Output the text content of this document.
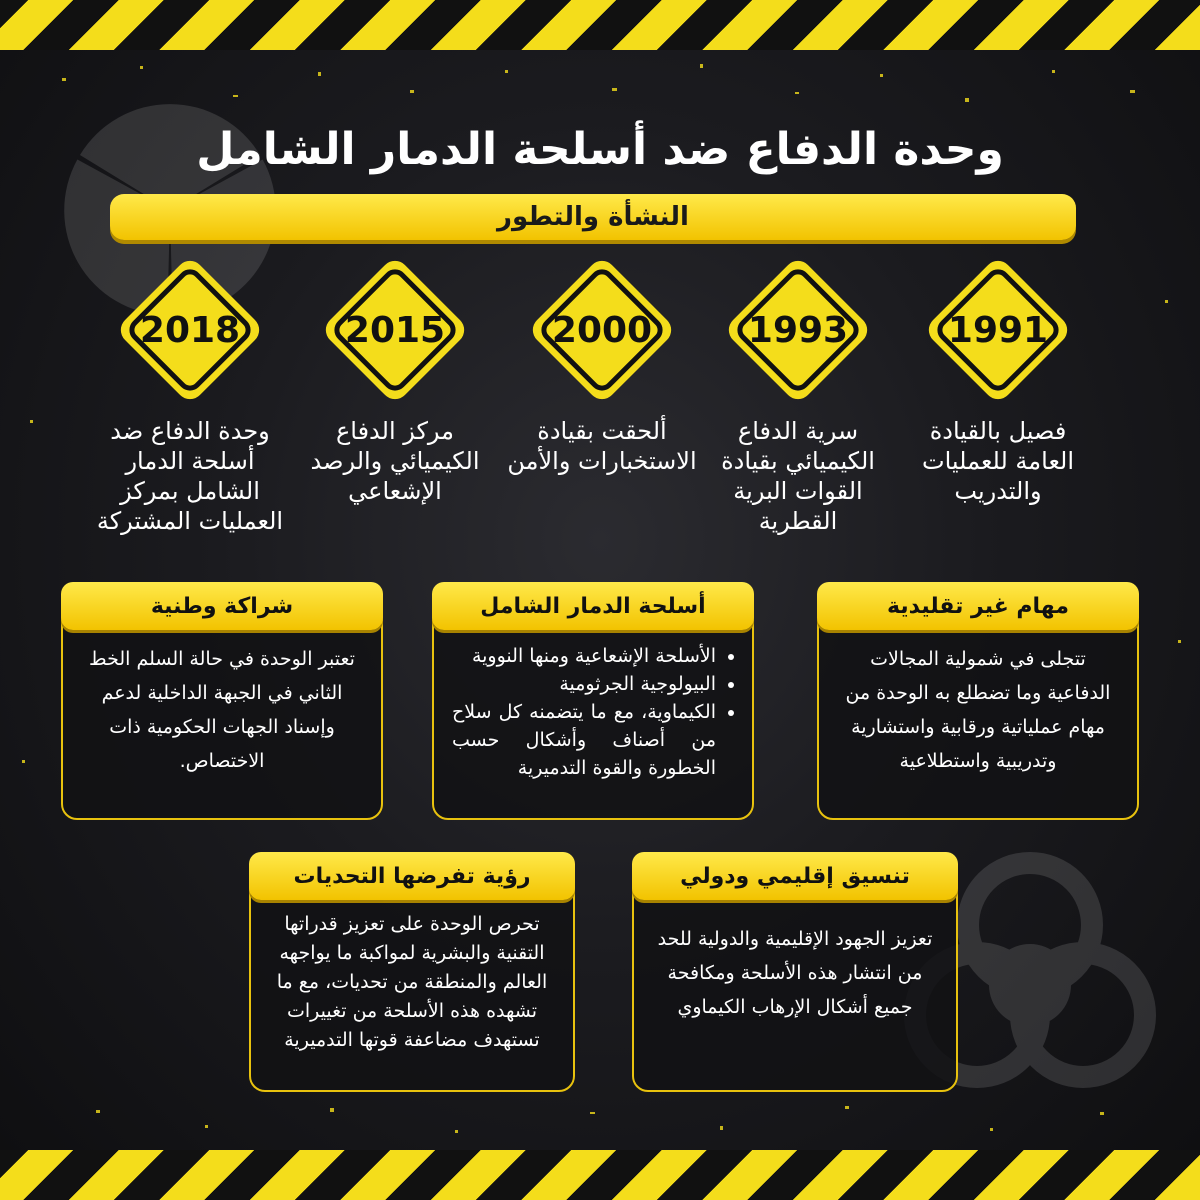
وحدة الدفاع ضد أسلحة الدمار الشامل
النشأة والتطور
1991
فصيل بالقيادة العامة للعمليات والتدريب
1993
سرية الدفاع الكيميائي بقيادة القوات البرية القطرية
2000
ألحقت بقيادة الاستخبارات والأمن
2015
مركز الدفاع الكيميائي والرصد الإشعاعي
2018
وحدة الدفاع ضد أسلحة الدمار الشامل بمركز العمليات المشتركة
مهام غير تقليدية
تتجلى في شمولية المجالات الدفاعية وما تضطلع به الوحدة من مهام عملياتية ورقابية واستشارية وتدريبية واستطلاعية
أسلحة الدمار الشامل
• الأسلحة الإشعاعية ومنها النووية
• البيولوجية الجرثومية
• الكيماوية، مع ما يتضمنه كل سلاح من أصناف وأشكال حسب الخطورة والقوة التدميرية
شراكة وطنية
تعتبر الوحدة في حالة السلم الخط الثاني في الجبهة الداخلية لدعم وإسناد الجهات الحكومية ذات الاختصاص.
تنسيق إقليمي ودولي
تعزيز الجهود الإقليمية والدولية للحد من انتشار هذه الأسلحة ومكافحة جميع أشكال الإرهاب الكيماوي
رؤية تفرضها التحديات
تحرص الوحدة على تعزيز قدراتها التقنية والبشرية لمواكبة ما يواجهه العالم والمنطقة من تحديات، مع ما تشهده هذه الأسلحة من تغييرات تستهدف مضاعفة قوتها التدميرية
